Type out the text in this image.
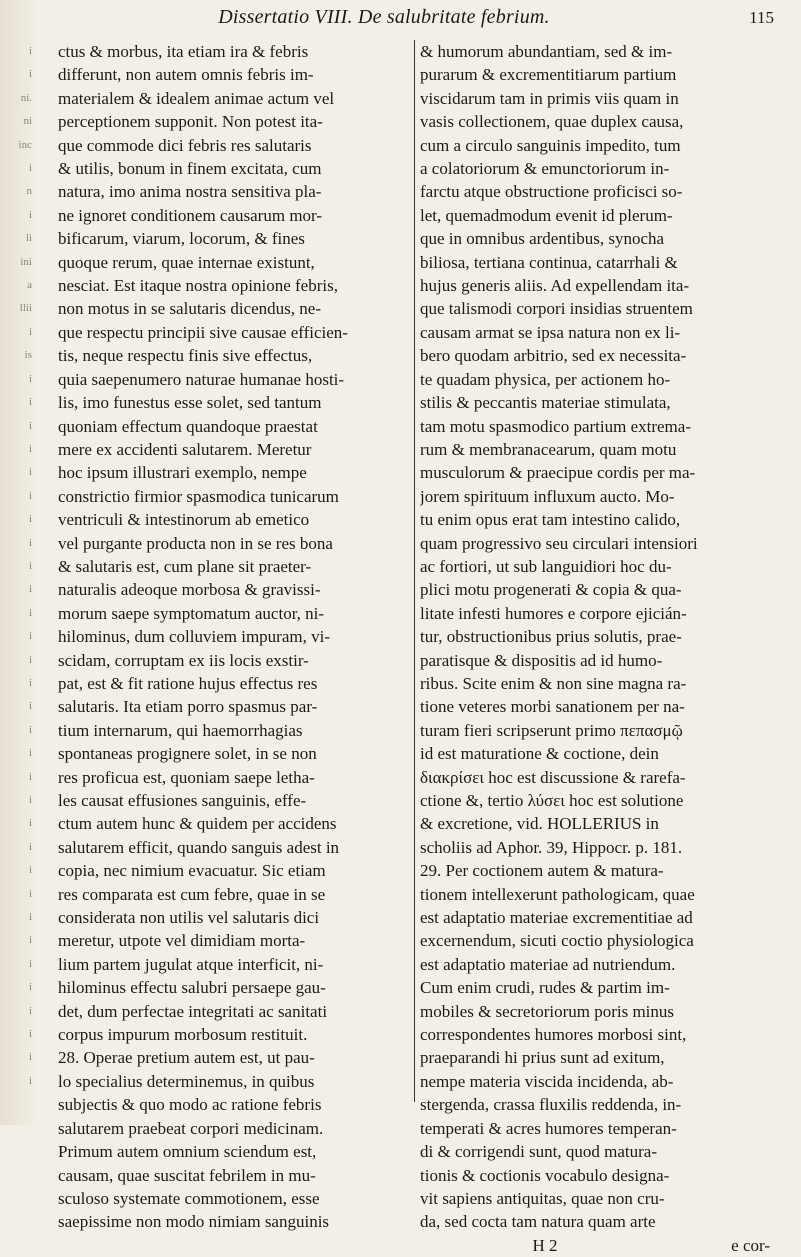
i
i
ni.
ni
inc
i
n
i
li
ini
a
llii
i
is
i
i
i
i
i
i
i
i
i
i
i
i
i
i
i
i
i
i
i
i
i
i
i
i
i
i
i
i
i
i
i
Dissertatio VIII. De salubritate febrium.	115
ctus & morbus, ita etiam ira & febris
differunt, non autem omnis febris im-
materialem & idealem animae actum vel
perceptionem supponit. Non potest ita-
que commode dici febris res salutaris
& utilis, bonum in finem excitata, cum
natura, imo anima nostra sensitiva pla-
ne ignoret conditionem causarum mor-
bificarum, viarum, locorum, & fines
quoque rerum, quae internae existunt,
nesciat. Est itaque nostra opinione febris,
non motus in se salutaris dicendus, ne-
que respectu principii sive causae efficien-
tis, neque respectu finis sive effectus,
quia saepenumero naturae humanae hosti-
lis, imo funestus esse solet, sed tantum
quoniam effectum quandoque praestat
mere ex accidenti salutarem. Meretur
hoc ipsum illustrari exemplo, nempe
constrictio firmior spasmodica tunicarum
ventriculi & intestinorum ab emetico
vel purgante producta non in se res bona
& salutaris est, cum plane sit praeter-
naturalis adeoque morbosa & gravissi-
morum saepe symptomatum auctor, ni-
hilominus, dum colluviem impuram, vi-
scidam, corruptam ex iis locis exstir-
pat, est & fit ratione hujus effectus res
salutaris. Ita etiam porro spasmus par-
tium internarum, qui haemorrhagias
spontaneas progignere solet, in se non
res proficua est, quoniam saepe letha-
les causat effusiones sanguinis, effe-
ctum autem hunc & quidem per accidens
salutarem efficit, quando sanguis adest in
copia, nec nimium evacuatur. Sic etiam
res comparata est cum febre, quae in se
considerata non utilis vel salutaris dici
meretur, utpote vel dimidiam morta-
lium partem jugulat atque interficit, ni-
hilominus effectu salubri persaepe gau-
det, dum perfectae integritati ac sanitati
corpus impurum morbosum restituit.
28. Operae pretium autem est, ut pau-
lo specialius determinemus, in quibus
subjectis & quo modo ac ratione febris
salutarem praebeat corpori medicinam.
Primum autem omnium sciendum est,
causam, quae suscitat febrilem in mu-
sculoso systemate commotionem, esse
saepissime non modo nimiam sanguinis
& humorum abundantiam, sed & im-
purarum & excrementitiarum partium
viscidarum tam in primis viis quam in
vasis collectionem, quae duplex causa,
cum a circulo sanguinis impedito, tum
a colatoriorum & emunctoriorum in-
farctu atque obstructione proficisci so-
let, quemadmodum evenit id plerum-
que in omnibus ardentibus, synocha
biliosa, tertiana continua, catarrhali &
hujus generis aliis. Ad expellendam ita-
que talismodi corpori insidias struentem
causam armat se ipsa natura non ex li-
bero quodam arbitrio, sed ex necessita-
te quadam physica, per actionem ho-
stilis & peccantis materiae stimulata,
tam motu spasmodico partium extrema-
rum & membranacearum, quam motu
musculorum & praecipue cordis per ma-
jorem spirituum influxum aucto. Mo-
tu enim opus erat tam intestino calido,
quam progressivo seu circulari intensiori
ac fortiori, ut sub languidiori hoc du-
plici motu progenerati & copia & qua-
litate infesti humores e corpore ejicián-
tur, obstructionibus prius solutis, prae-
paratisque & dispositis ad id humo-
ribus. Scite enim & non sine magna ra-
tione veteres morbi sanationem per na-
turam fieri scripserunt primo πεπασμῷ
id est maturatione & coctione, dein
διακρίσει hoc est discussione & rarefa-
ctione &, tertio λύσει hoc est solutione
& excretione, vid. HOLLERIUS in
scholiis ad Aphor. 39, Hippocr. p. 181.
29. Per coctionem autem & matura-
tionem intellexerunt pathologicam, quae
est adaptatio materiae excrementitiae ad
excernendum, sicuti coctio physiologica
est adaptatio materiae ad nutriendum.
Cum enim crudi, rudes & partim im-
mobiles & secretoriorum poris minus
correspondentes humores morbosi sint,
praeparandi hi prius sunt ad exitum,
nempe materia viscida incidenda, ab-
stergenda, crassa fluxilis reddenda, in-
temperati & acres humores temperan-
di & corrigendi sunt, quod matura-
tionis & coctionis vocabulo designa-
vit sapiens antiquitas, quae non cru-
da, sed cocta tam natura quam arte
H 2	e cor-
